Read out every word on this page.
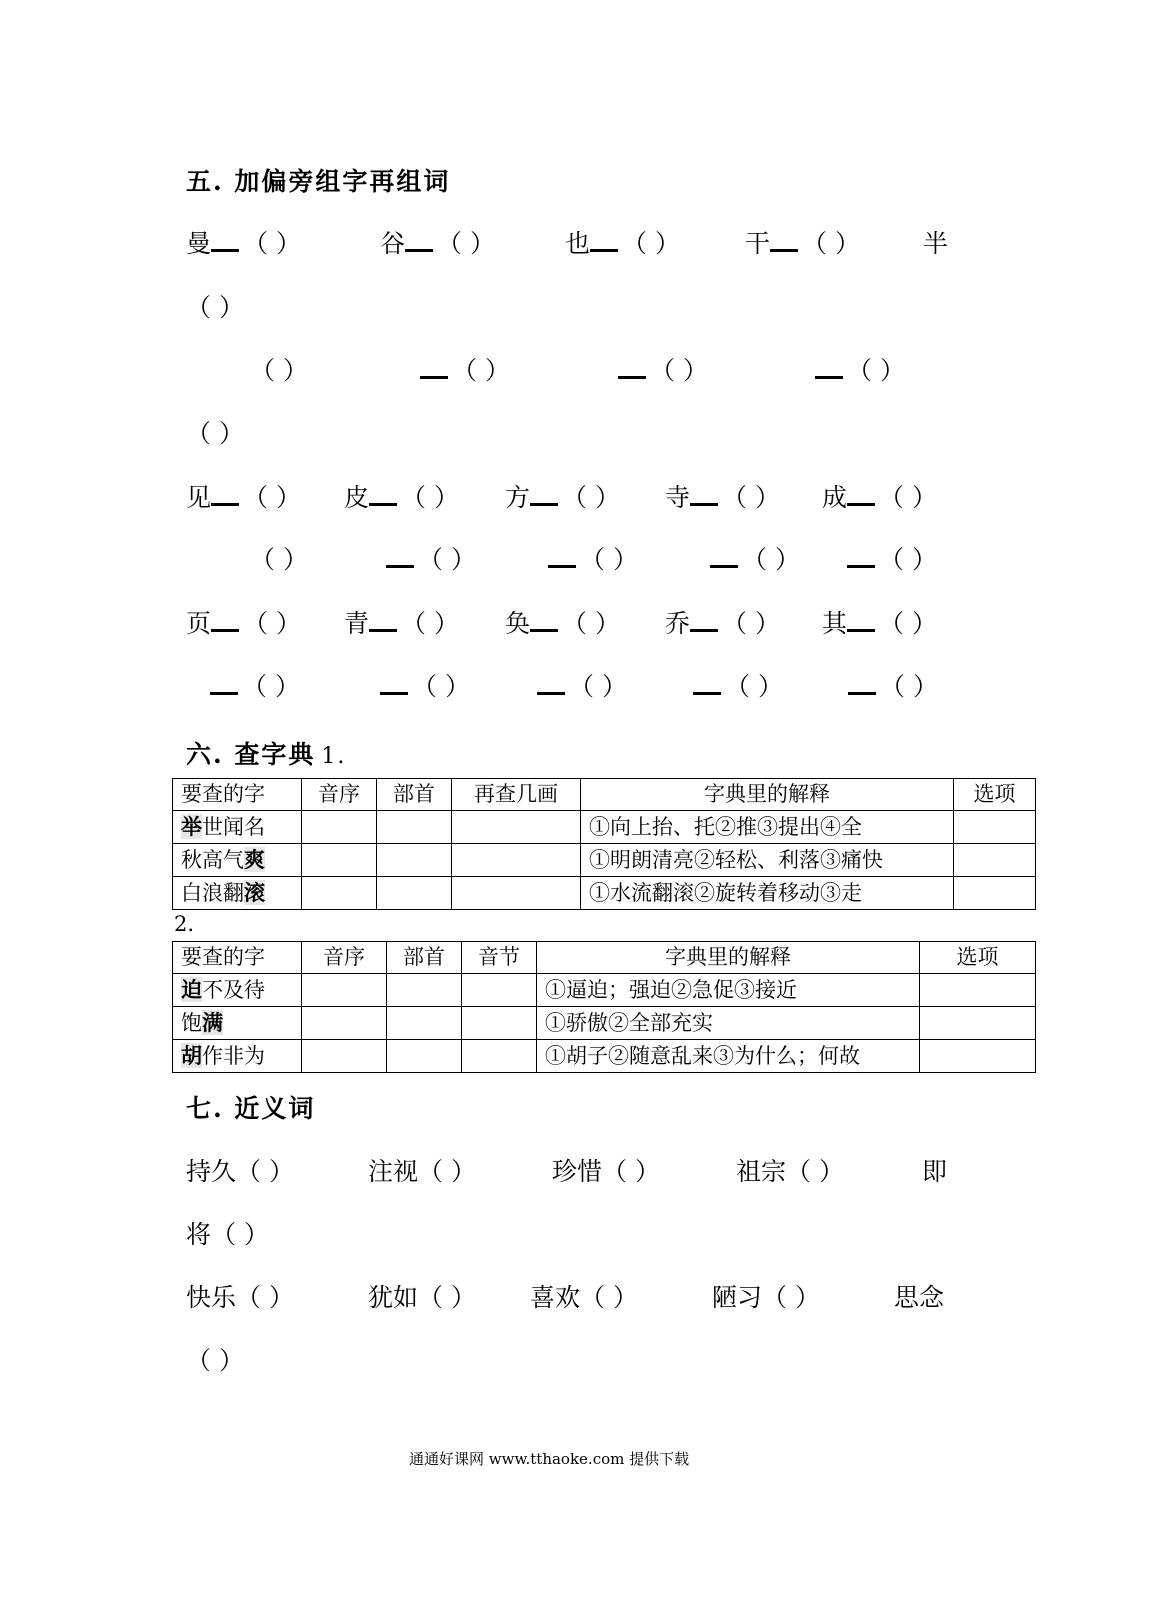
五. 加偏旁组字再组词
曼 （ ）	谷 （ ）	也 （ ）	干 （ ）	半
（ ）
（ ）	（ ）	（ ）	（ ）
（ ）
见 （ ） 皮 （ ） 方 （ ） 寺 （ ） 成 （ ）
（ ）	（ ）	（ ）	（ ）	（ ）
页 （ ） 青 （ ） 奂 （ ） 乔 （ ） 其 （ ）
（ ）	（ ）	（ ）	（ ）	（ ）
六. 查字典 1.
要查的字	音序	部首	再查几画	字典里的解释	选项
举世闻名				①向上抬、托②推③提出④全	
秋高气爽				①明朗清亮②轻松、利落③痛快	
白浪翻滚				①水流翻滚②旋转着移动③走	
2.
要查的字	音序	部首	音节	字典里的解释	选项
迫不及待				①逼迫；强迫②急促③接近	
饱满				①骄傲②全部充实	
胡作非为				①胡子②随意乱来③为什么；何故	
七. 近义词
持久（ ）	注视（ ）	珍惜（ ）	祖宗（ ）	即
将（ ）
快乐（ ）	犹如（ ） 喜欢（ ）	陋习（ ）	思念
（ ）
通通好课网 www.tthaoke.com 提供下载
